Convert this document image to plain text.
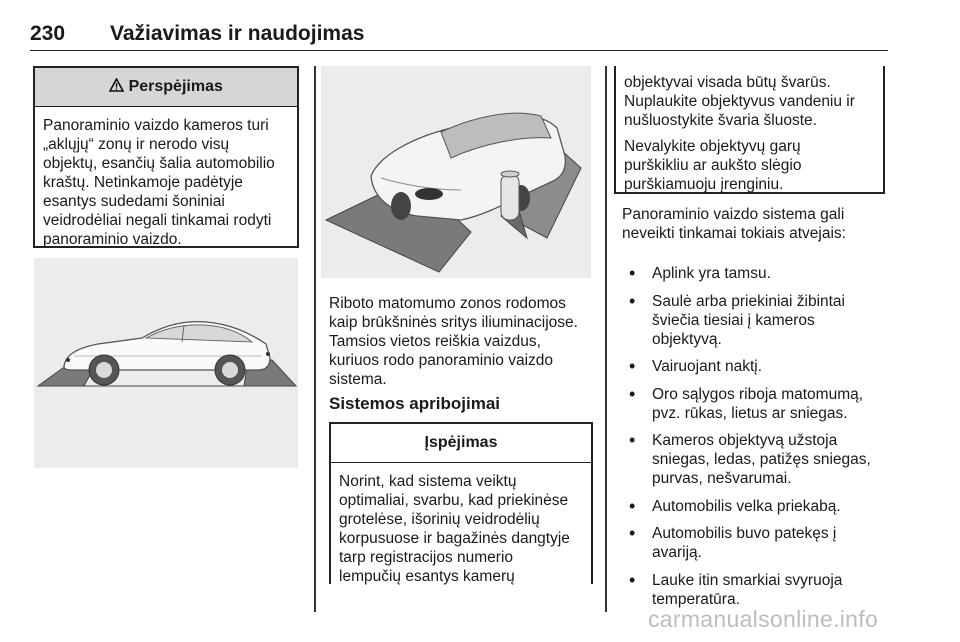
230 Važiavimas ir naudojimas
Perspėjimas

Panoraminio vaizdo kameros turi

„aklųjų“ zonų ir nerodo visų

objektų, esančių šalia automobilio

kraštų. Netinkamoje padėtyje

esantys sudedami šoniniai

veidrodėliai negali tinkamai rodyti

panoraminio vaizdo.

Riboto matomumo zonos rodomos

kaip brūkšninės sritys iliuminacijose.

Tamsios vietos reiškia vaizdus,

kuriuos rodo panoraminio vaizdo

sistema.

Sistemos apribojimai
Įspėjimas

Norint, kad sistema veiktų

optimaliai, svarbu, kad priekinėse

grotelėse, išorinių veidrodėlių

korpusuose ir bagažinės dangtyje

tarp registracijos numerio

lempučių esantys kamerų

objektyvai visada būtų švarūs.

Nuplaukite objektyvus vandeniu ir

nušluostykite švaria šluoste.

Nevalykite objektyvų garų

purškikliu ar aukšto slėgio

purškiamuoju įrenginiu.

Panoraminio vaizdo sistema gali

neveikti tinkamai tokiais atvejais:

• Aplink yra tamsu.
• Saulė arba priekiniai žibintai
šviečia tiesiai į kameros
objektyvą.
• Vairuojant naktį.
• Oro sąlygos riboja matomumą,
pvz. rūkas, lietus ar sniegas.
• Kameros objektyvą užstoja
sniegas, ledas, patižęs sniegas,
purvas, nešvarumai.
• Automobilis velka priekabą.
• Automobilis buvo patekęs į
avariją.
• Lauke itin smarkiai svyruoja
temperatūra.
carmanualsonline.info
